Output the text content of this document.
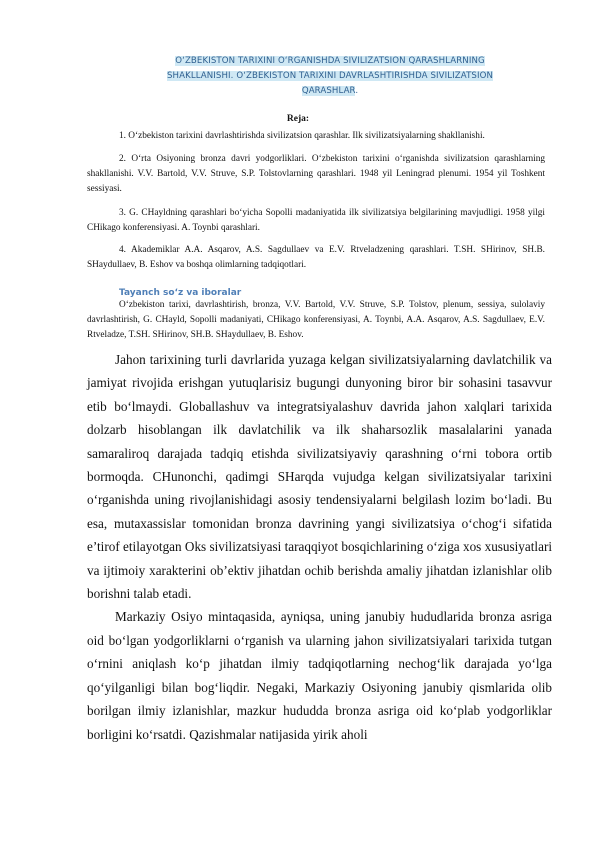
O‘ZBEKISTON TARIXINI O‘RGANISHDA SIVILIZATSION QARASHLARNING
SHAKLLANISHI. O‘ZBEKISTON TARIXINI DAVRLASHTIRISHDA SIVILIZATSION
QARASHLAR.
Reja:

1. O‘zbekiston tarixini davrlashtirishda sivilizatsion qarashlar. Ilk sivilizatsiyalarning shakllanishi.

2. O‘rta Osiyoning bronza davri yodgorliklari. O‘zbekiston tarixini o‘rganishda sivilizatsion qarashlarning shakllanishi. V.V. Bartold, V.V. Struve, S.P. Tolstovlarning qarashlari. 1948 yil Leningrad plenumi. 1954 yil Toshkent sessiyasi.

3. G. CHayldning qarashlari bo‘yicha Sopolli madaniyatida ilk sivilizatsiya belgilarining mavjudligi. 1958 yilgi CHikago konferensiyasi. A. Toynbi qarashlari.

4. Akademiklar A.A. Asqarov, A.S. Sagdullaev va E.V. Rtveladzening qarashlari. T.SH. SHirinov, SH.B. SHaydullaev, B. Eshov va boshqa olimlarning tadqiqotlari.

Tayanch so‘z va iboralar
O‘zbekiston tarixi, davrlashtirish, bronza, V.V. Bartold, V.V. Struve, S.P. Tolstov, plenum, sessiya, sulolaviy davrlashtirish, G. CHayld, Sopolli madaniyati, CHikago konferensiyasi, A. Toynbi, A.A. Asqarov, A.S. Sagdullaev, E.V. Rtveladze, T.SH. SHirinov, SH.B. SHaydullaev, B. Eshov.

Jahon tarixining turli davrlarida yuzaga kelgan sivilizatsiyalarning davlatchilik va jamiyat rivojida erishgan yutuqlarisiz bugungi dunyoning biror bir sohasini tasavvur etib bo‘lmaydi. Globallashuv va integratsiyalashuv davrida jahon xalqlari tarixida dolzarb hisoblangan ilk davlatchilik va ilk shaharsozlik masalalarini yanada samaraliroq darajada tadqiq etishda sivilizatsiyaviy qarashning o‘rni tobora ortib bormoqda. CHunonchi, qadimgi SHarqda vujudga kelgan sivilizatsiyalar tarixini o‘rganishda uning rivojlanishidagi asosiy tendensiyalarni belgilash lozim bo‘ladi. Bu esa, mutaxassislar tomonidan bronza davrining yangi sivilizatsiya o‘chog‘i sifatida e’tirof etilayotgan Oks sivilizatsiyasi taraqqiyot bosqichlarining o‘ziga xos xususiyatlari va ijtimoiy xarakterini ob’ektiv jihatdan ochib berishda amaliy jihatdan izlanishlar olib borishni talab etadi.

Markaziy Osiyo mintaqasida, ayniqsa, uning janubiy hududlarida bronza asriga oid bo‘lgan yodgorliklarni o‘rganish va ularning jahon sivilizatsiyalari tarixida tutgan o‘rnini aniqlash ko‘p jihatdan ilmiy tadqiqotlarning nechog‘lik darajada yo‘lga qo‘yilganligi bilan bog‘liqdir. Negaki, Markaziy Osiyoning janubiy qismlarida olib borilgan ilmiy izlanishlar, mazkur hududda bronza asriga oid ko‘plab yodgorliklar borligini ko‘rsatdi. Qazishmalar natijasida yirik aholi
